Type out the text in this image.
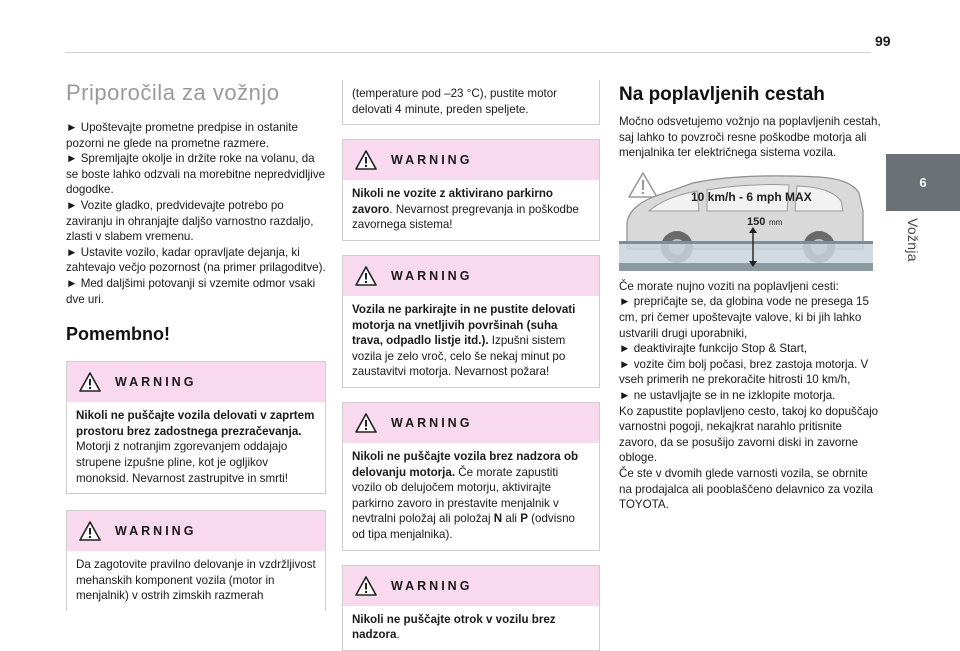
99
6
Vožnja
Priporočila za vožnjo

► Upoštevajte prometne predpise in ostanite pozorni ne glede na prometne razmere.
► Spremljajte okolje in držite roke na volanu, da se boste lahko odzvali na morebitne nepredvidljive dogodke.
► Vozite gladko, predvidevajte potrebo po zaviranju in ohranjajte daljšo varnostno razdaljo, zlasti v slabem vremenu.
► Ustavite vozilo, kadar opravljate dejanja, ki zahtevajo večjo pozornost (na primer prilagoditve).
► Med daljšimi potovanji si vzemite odmor vsaki dve uri.

Pomembno!
WARNING
Nikoli ne puščajte vozila delovati v zaprtem prostoru brez zadostnega prezračevanja. Motorji z notranjim zgorevanjem oddajajo strupene izpušne pline, kot je ogljikov monoksid. Nevarnost zastrupitve in smrti!
WARNING
Da zagotovite pravilno delovanje in vzdržljivost mehanskih komponent vozila (motor in menjalnik) v ostrih zimskih razmerah
(temperature pod –23 °C), pustite motor delovati 4 minute, preden speljete.
WARNING
Nikoli ne vozite z aktivirano parkirno zavoro. Nevarnost pregrevanja in poškodbe zavornega sistema!
WARNING
Vozila ne parkirajte in ne pustite delovati motorja na vnetljivih površinah (suha trava, odpadlo listje itd.). Izpušni sistem vozila je zelo vroč, celo še nekaj minut po zaustavitvi motorja. Nevarnost požara!
WARNING
Nikoli ne puščajte vozila brez nadzora ob delovanju motorja. Če morate zapustiti vozilo ob delujočem motorju, aktivirajte parkirno zavoro in prestavite menjalnik v nevtralni položaj ali položaj N ali P (odvisno od tipa menjalnika).
WARNING
Nikoli ne puščajte otrok v vozilu brez nadzora.
Na poplavljenih cestah

Močno odsvetujemo vožnjo na poplavljenih cestah, saj lahko to povzroči resne poškodbe motorja ali menjalnika ter električnega sistema vozila.

10 km/h - 6 mph MAX
150 mm

Če morate nujno voziti na poplavljeni cesti:
► prepričajte se, da globina vode ne presega 15 cm, pri čemer upoštevajte valove, ki bi jih lahko ustvarili drugi uporabniki,
► deaktivirajte funkcijo Stop & Start,
► vozite čim bolj počasi, brez zastoja motorja. V vseh primerih ne prekoračite hitrosti 10 km/h,
► ne ustavljajte se in ne izklopite motorja.
Ko zapustite poplavljeno cesto, takoj ko dopuščajo varnostni pogoji, nekajkrat narahlo pritisnite zavoro, da se posušijo zavorni diski in zavorne obloge.
Če ste v dvomih glede varnosti vozila, se obrnite na prodajalca ali pooblaščeno delavnico za vozila TOYOTA.
